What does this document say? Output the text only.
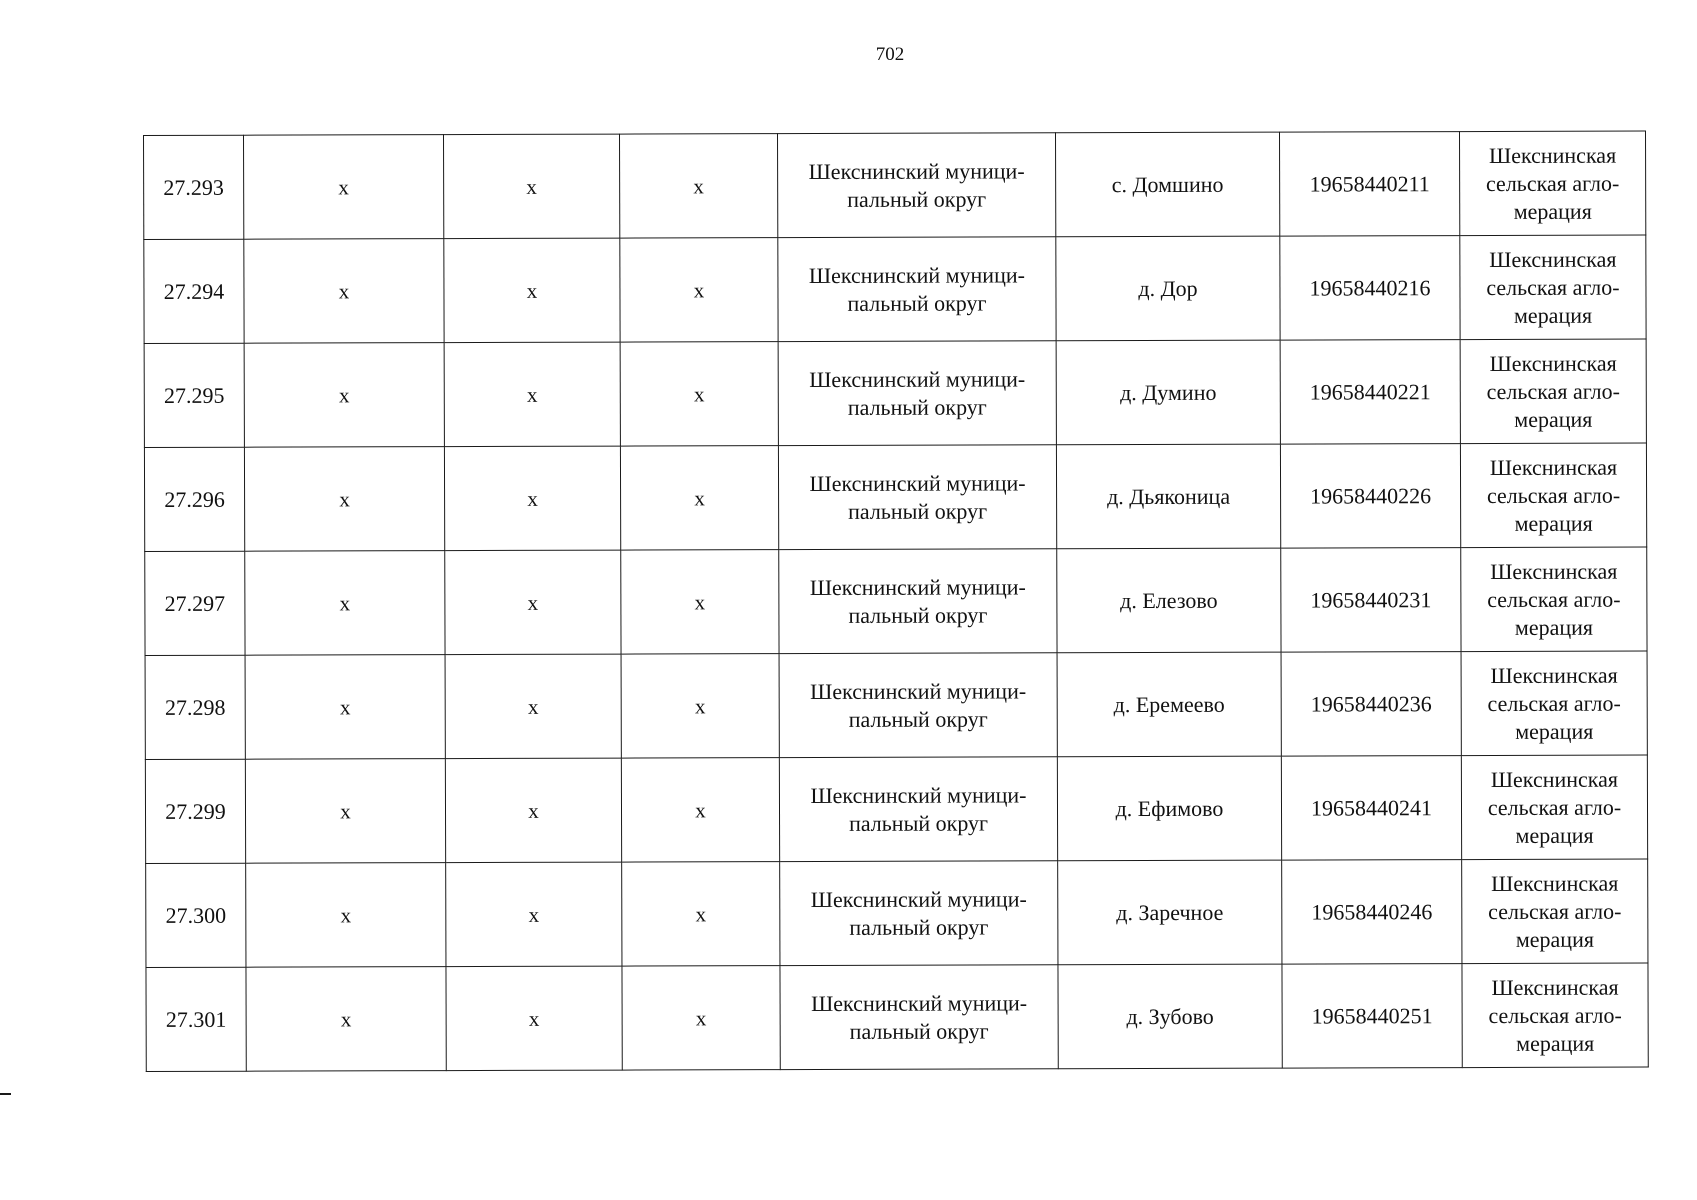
702
27.293	х	х	х	Шекснинский муници-пальный округ	с. Домшино	19658440211	Шекснинская сельская агло-мерация
27.294	х	х	х	Шекснинский муници-пальный округ	д. Дор	19658440216	Шекснинская сельская агло-мерация
27.295	х	х	х	Шекснинский муници-пальный округ	д. Думино	19658440221	Шекснинская сельская агло-мерация
27.296	х	х	х	Шекснинский муници-пальный округ	д. Дьяконица	19658440226	Шекснинская сельская агло-мерация
27.297	х	х	х	Шекснинский муници-пальный округ	д. Елезово	19658440231	Шекснинская сельская агло-мерация
27.298	х	х	х	Шекснинский муници-пальный округ	д. Еремеево	19658440236	Шекснинская сельская агло-мерация
27.299	х	х	х	Шекснинский муници-пальный округ	д. Ефимово	19658440241	Шекснинская сельская агло-мерация
27.300	х	х	х	Шекснинский муници-пальный округ	д. Заречное	19658440246	Шекснинская сельская агло-мерация
27.301	х	х	х	Шекснинский муници-пальный округ	д. Зубово	19658440251	Шекснинская сельская агло-мерация
